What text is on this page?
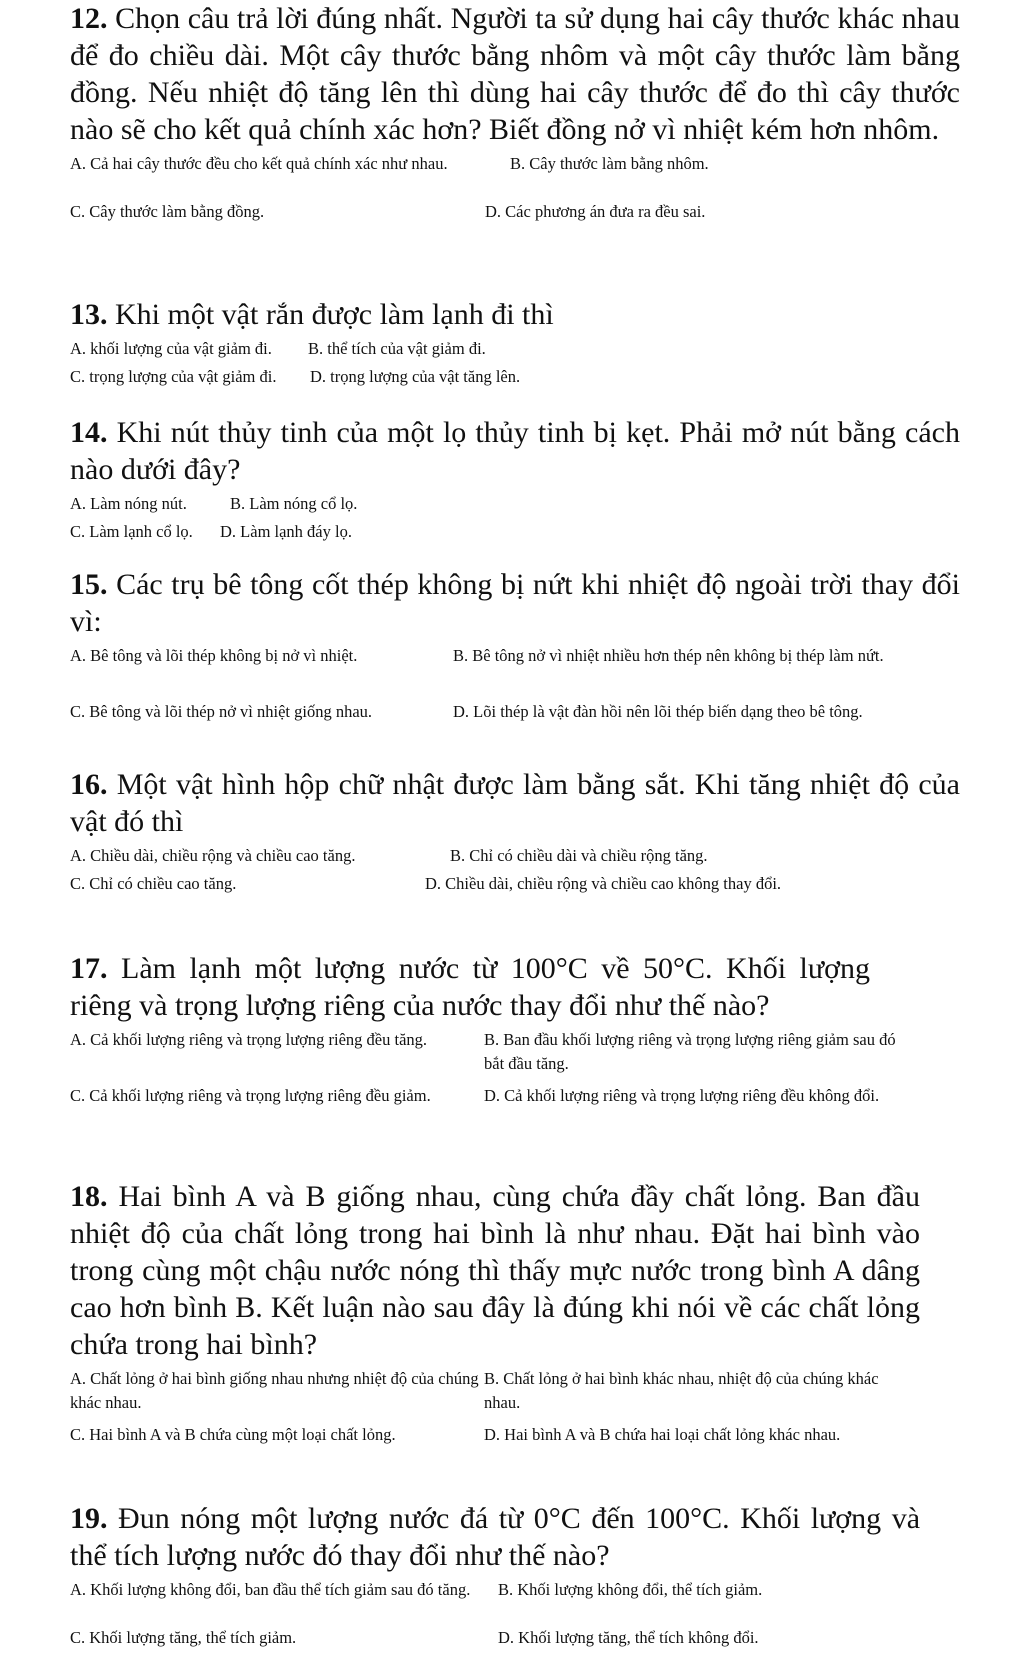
12. Chọn câu trả lời đúng nhất. Người ta sử dụng hai cây thước khác nhau để đo chiều dài. Một cây thước bằng nhôm và một cây thước làm bằng đồng. Nếu nhiệt độ tăng lên thì dùng hai cây thước để đo thì cây thước nào sẽ cho kết quả chính xác hơn? Biết đồng nở vì nhiệt kém hơn nhôm.

A. Cả hai cây thước đều cho kết quả chính xác như nhau.	B. Cây thước làm bằng nhôm.
C. Cây thước làm bằng đồng.	D. Các phương án đưa ra đều sai.

13. Khi một vật rắn được làm lạnh đi thì

A. khối lượng của vật giảm đi. B. thể tích của vật giảm đi.
C. trọng lượng của vật giảm đi. D. trọng lượng của vật tăng lên.

14. Khi nút thủy tinh của một lọ thủy tinh bị kẹt. Phải mở nút bằng cách nào dưới đây?

A. Làm nóng nút.	B. Làm nóng cổ lọ.
C. Làm lạnh cổ lọ. D. Làm lạnh đáy lọ.

15. Các trụ bê tông cốt thép không bị nứt khi nhiệt độ ngoài trời thay đổi vì:

A. Bê tông và lõi thép không bị nở vì nhiệt.	B. Bê tông nở vì nhiệt nhiều hơn thép nên không bị thép làm nứt.
C. Bê tông và lõi thép nở vì nhiệt giống nhau.	D. Lõi thép là vật đàn hồi nên lõi thép biến dạng theo bê tông.

16. Một vật hình hộp chữ nhật được làm bằng sắt. Khi tăng nhiệt độ của vật đó thì

A. Chiều dài, chiều rộng và chiều cao tăng.	B. Chỉ có chiều dài và chiều rộng tăng.
C. Chỉ có chiều cao tăng.	D. Chiều dài, chiều rộng và chiều cao không thay đổi.

17. Làm lạnh một lượng nước từ 100°C về 50°C. Khối lượng riêng và trọng lượng riêng của nước thay đổi như thế nào?

A. Cả khối lượng riêng và trọng lượng riêng đều tăng.	B. Ban đầu khối lượng riêng và trọng lượng riêng giảm sau đó bắt đầu tăng.
C. Cả khối lượng riêng và trọng lượng riêng đều giảm.	D. Cả khối lượng riêng và trọng lượng riêng đều không đổi.

18. Hai bình A và B giống nhau, cùng chứa đầy chất lỏng. Ban đầu nhiệt độ của chất lỏng trong hai bình là như nhau. Đặt hai bình vào trong cùng một chậu nước nóng thì thấy mực nước trong bình A dâng cao hơn bình B. Kết luận nào sau đây là đúng khi nói về các chất lỏng chứa trong hai bình?

A. Chất lỏng ở hai bình giống nhau nhưng nhiệt độ của chúng khác nhau.
B. Chất lỏng ở hai bình khác nhau, nhiệt độ của chúng khác nhau.
C. Hai bình A và B chứa cùng một loại chất lỏng.	D. Hai bình A và B chứa hai loại chất lỏng khác nhau.

19. Đun nóng một lượng nước đá từ 0°C đến 100°C. Khối lượng và thể tích lượng nước đó thay đổi như thế nào?

A. Khối lượng không đổi, ban đầu thể tích giảm sau đó tăng.	B. Khối lượng không đổi, thể tích giảm.
C. Khối lượng tăng, thể tích giảm.	D. Khối lượng tăng, thể tích không đổi.
